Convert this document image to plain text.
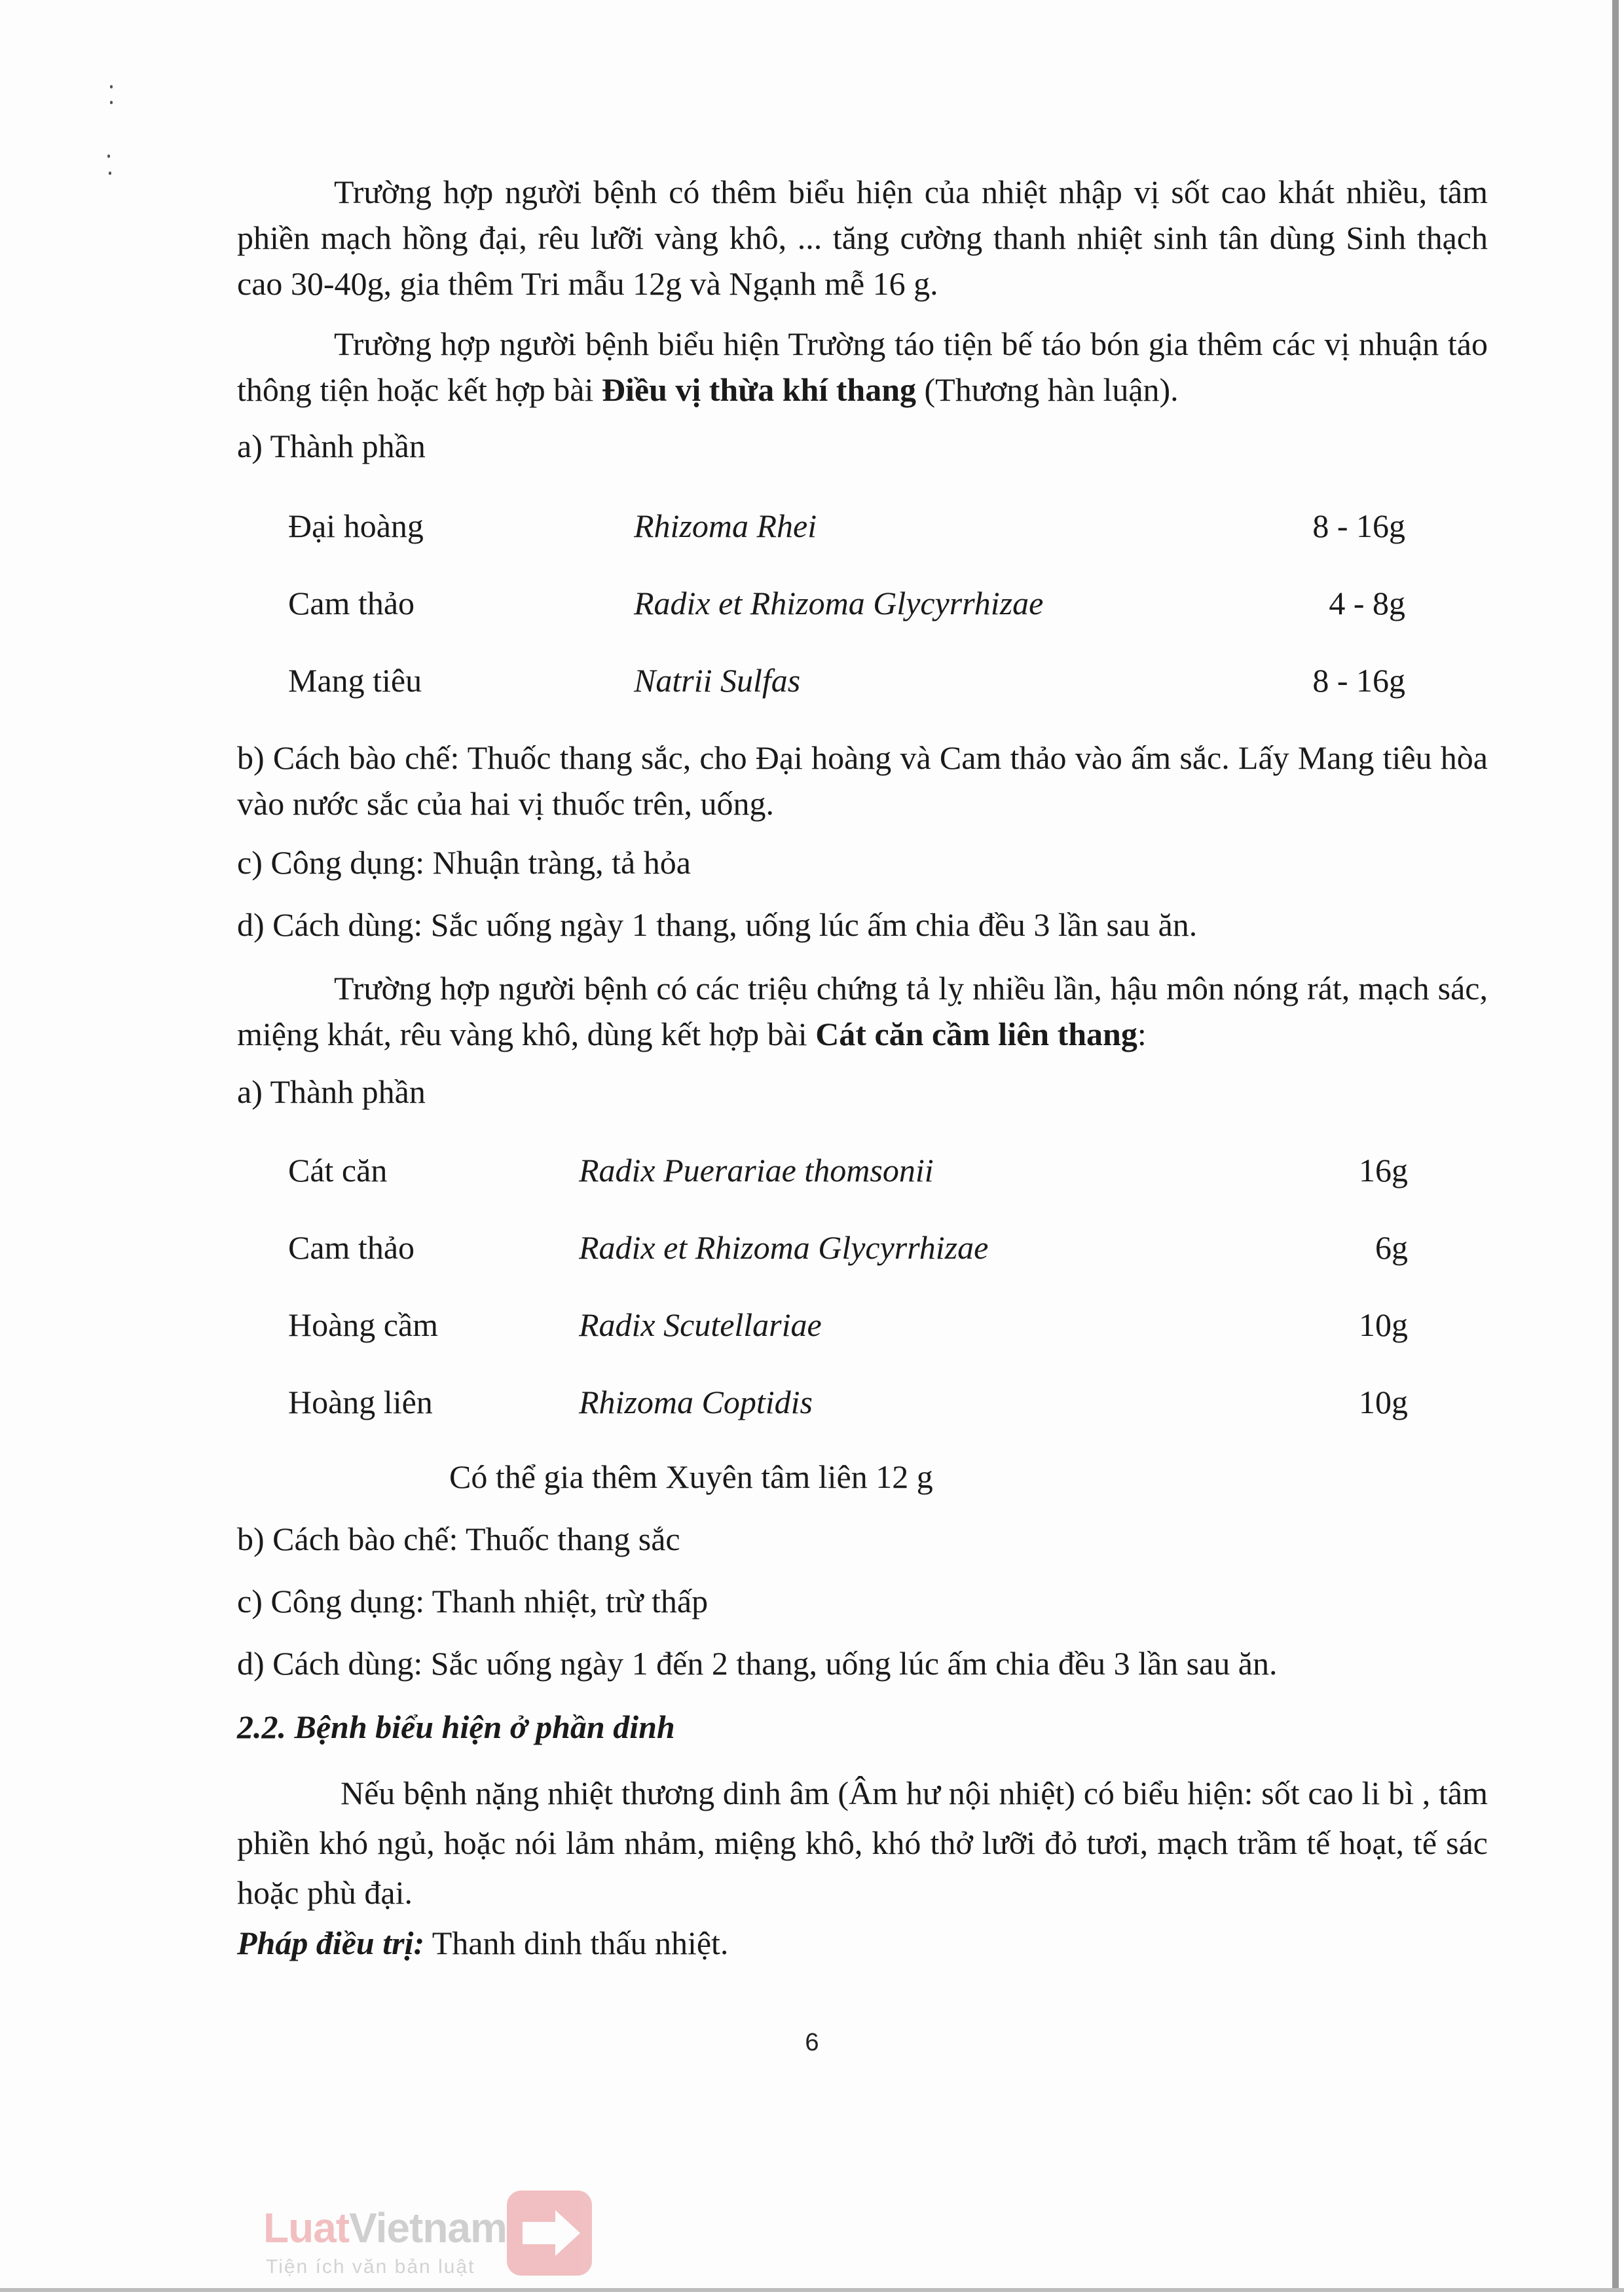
Trường hợp người bệnh có thêm biểu hiện của nhiệt nhập vị sốt cao khát nhiều, tâm phiền mạch hồng đại, rêu lưỡi vàng khô, ... tăng cường thanh nhiệt sinh tân dùng Sinh thạch cao 30-40g, gia thêm Tri mẫu 12g và Ngạnh mễ 16 g.

Trường hợp người bệnh biểu hiện Trường táo tiện bế táo bón gia thêm các vị nhuận táo thông tiện hoặc kết hợp bài Điều vị thừa khí thang (Thương hàn luận).

a) Thành phần
Đại hoàng	Rhizoma Rhei	8 - 16g
Cam thảo	Radix et Rhizoma Glycyrrhizae	4 - 8g
Mang tiêu	Natrii Sulfas	8 - 16g

b) Cách bào chế: Thuốc thang sắc, cho Đại hoàng và Cam thảo vào ấm sắc. Lấy Mang tiêu hòa vào nước sắc của hai vị thuốc trên, uống.

c) Công dụng: Nhuận tràng, tả hỏa
d) Cách dùng: Sắc uống ngày 1 thang, uống lúc ấm chia đều 3 lần sau ăn.

Trường hợp người bệnh có các triệu chứng tả lỵ nhiều lần, hậu môn nóng rát, mạch sác, miệng khát, rêu vàng khô, dùng kết hợp bài Cát căn cầm liên thang:

a) Thành phần
Cát căn	Radix Puerariae thomsonii	16g
Cam thảo	Radix et Rhizoma Glycyrrhizae	6g
Hoàng cầm	Radix Scutellariae	10g
Hoàng liên	Rhizoma Coptidis	10g
Có thể gia thêm Xuyên tâm liên 12 g
b) Cách bào chế: Thuốc thang sắc
c) Công dụng: Thanh nhiệt, trừ thấp
d) Cách dùng: Sắc uống ngày 1 đến 2 thang, uống lúc ấm chia đều 3 lần sau ăn.
2.2. Bệnh biểu hiện ở phần dinh

Nếu bệnh nặng nhiệt thương dinh âm (Âm hư nội nhiệt) có biểu hiện: sốt cao li bì , tâm phiền khó ngủ, hoặc nói lảm nhảm, miệng khô, khó thở lưỡi đỏ tươi, mạch trầm tế hoạt, tế sác hoặc phù đại.

Pháp điều trị: Thanh dinh thấu nhiệt.
6
LuatVietnam
Tiện ích văn bản luật
